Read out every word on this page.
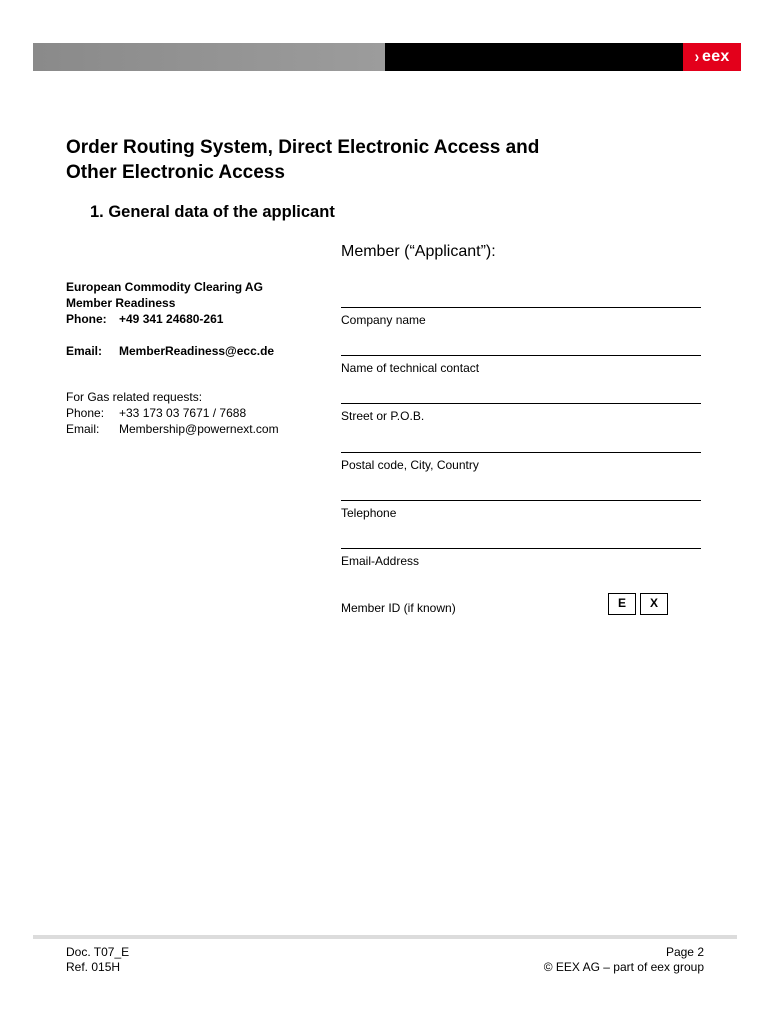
› eex
Order Routing System, Direct Electronic Access and
Other Electronic Access
1. General data of the applicant
Member (“Applicant”):
European Commodity Clearing AG
Member Readiness
Phone:	+49 341 24680-261
Email:	MemberReadiness@ecc.de
For Gas related requests:
Phone:	+33 173 03 7671 / 7688
Email:	Membership@powernext.com
Company name
Name of technical contact
Street or P.O.B.
Postal code, City, Country
Telephone
Email-Address
Member ID (if known)	E	X
Doc. T07_E
Ref. 015H
Page 2
© EEX AG – part of eex group
